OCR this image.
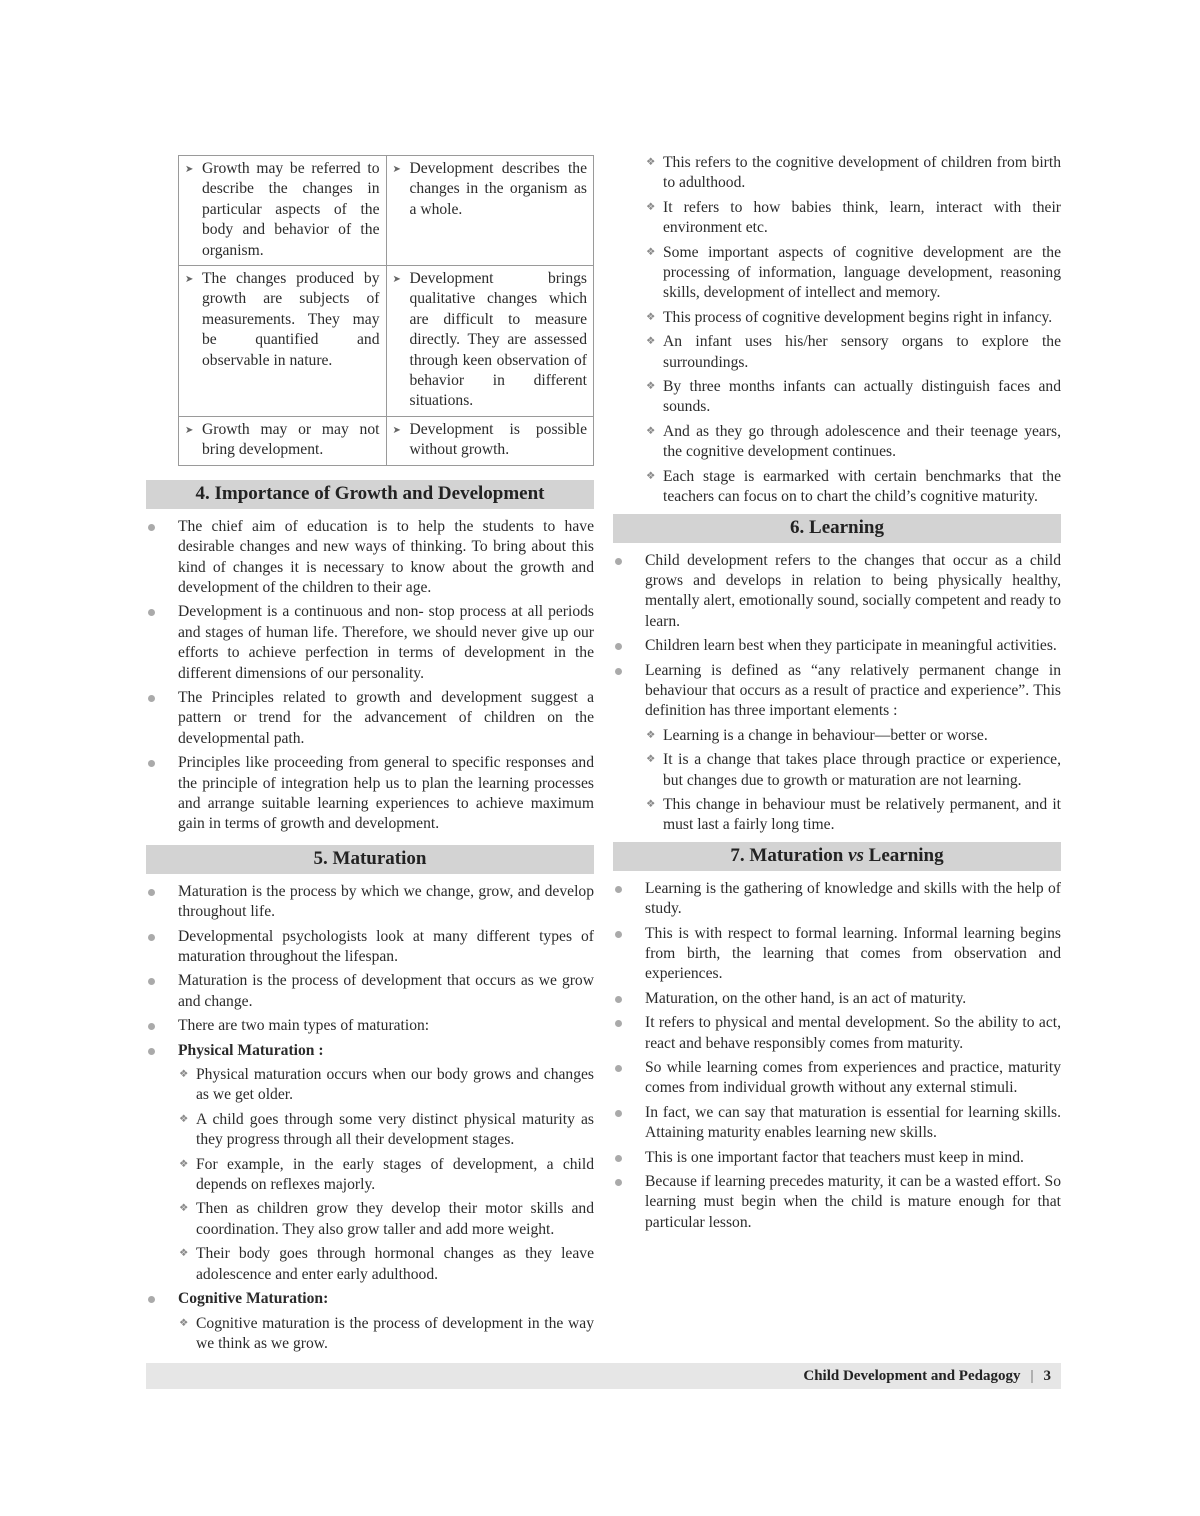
➤ Growth may be referred to describe the changes in particular aspects of the body and behavior of the organism.	➤ Development describes the changes in the organism as a whole.

➤ The changes produced by growth are subjects of measurements. They may be quantified and observable in nature.	➤ Development brings qualitative changes which are difficult to measure directly. They are assessed through keen observation of behavior in different situations.

➤ Growth may or may not bring development.	➤ Development is possible without growth.
4. Importance of Growth and Development
The chief aim of education is to help the students to have desirable changes and new ways of thinking. To bring about this kind of changes it is necessary to know about the growth and development of the children to their age.
Development is a continuous and non- stop process at all periods and stages of human life. Therefore, we should never give up our efforts to achieve perfection in terms of development in the different dimensions of our personality.
The Principles related to growth and development suggest a pattern or trend for the advancement of children on the developmental path.
Principles like proceeding from general to specific responses and the principle of integration help us to plan the learning processes and arrange suitable learning experiences to achieve maximum gain in terms of growth and development.
5. Maturation
Maturation is the process by which we change, grow, and develop throughout life.
Developmental psychologists look at many different types of maturation throughout the lifespan.
Maturation is the process of development that occurs as we grow and change.
There are two main types of maturation:
Physical Maturation :
❖ Physical maturation occurs when our body grows and changes as we get older.
❖ A child goes through some very distinct physical maturity as they progress through all their development stages.
❖ For example, in the early stages of development, a child depends on reflexes majorly.
❖ Then as children grow they develop their motor skills and coordination. They also grow taller and add more weight.
❖ Their body goes through hormonal changes as they leave adolescence and enter early adulthood.
Cognitive Maturation:
❖ Cognitive maturation is the process of development in the way we think as we grow.
❖ This refers to the cognitive development of children from birth to adulthood.
❖ It refers to how babies think, learn, interact with their environment etc.
❖ Some important aspects of cognitive development are the processing of information, language development, reasoning skills, development of intellect and memory.
❖ This process of cognitive development begins right in infancy.
❖ An infant uses his/her sensory organs to explore the surroundings.
❖ By three months infants can actually distinguish faces and sounds.
❖ And as they go through adolescence and their teenage years, the cognitive development continues.
❖ Each stage is earmarked with certain benchmarks that the teachers can focus on to chart the child’s cognitive maturity.
6. Learning
Child development refers to the changes that occur as a child grows and develops in relation to being physically healthy, mentally alert, emotionally sound, socially competent and ready to learn.
Children learn best when they participate in meaningful activities.
Learning is defined as “any relatively permanent change in behaviour that occurs as a result of practice and experience”. This definition has three important elements :
❖ Learning is a change in behaviour—better or worse.
❖ It is a change that takes place through practice or experience, but changes due to growth or maturation are not learning.
❖ This change in behaviour must be relatively permanent, and it must last a fairly long time.
7. Maturation vs Learning
Learning is the gathering of knowledge and skills with the help of study.
This is with respect to formal learning. Informal learning begins from birth, the learning that comes from observation and experiences.
Maturation, on the other hand, is an act of maturity.
It refers to physical and mental development. So the ability to act, react and behave responsibly comes from maturity.
So while learning comes from experiences and practice, maturity comes from individual growth without any external stimuli.
In fact, we can say that maturation is essential for learning skills. Attaining maturity enables learning new skills.
This is one important factor that teachers must keep in mind.
Because if learning precedes maturity, it can be a wasted effort. So learning must begin when the child is mature enough for that particular lesson.
Child Development and Pedagogy | 3
